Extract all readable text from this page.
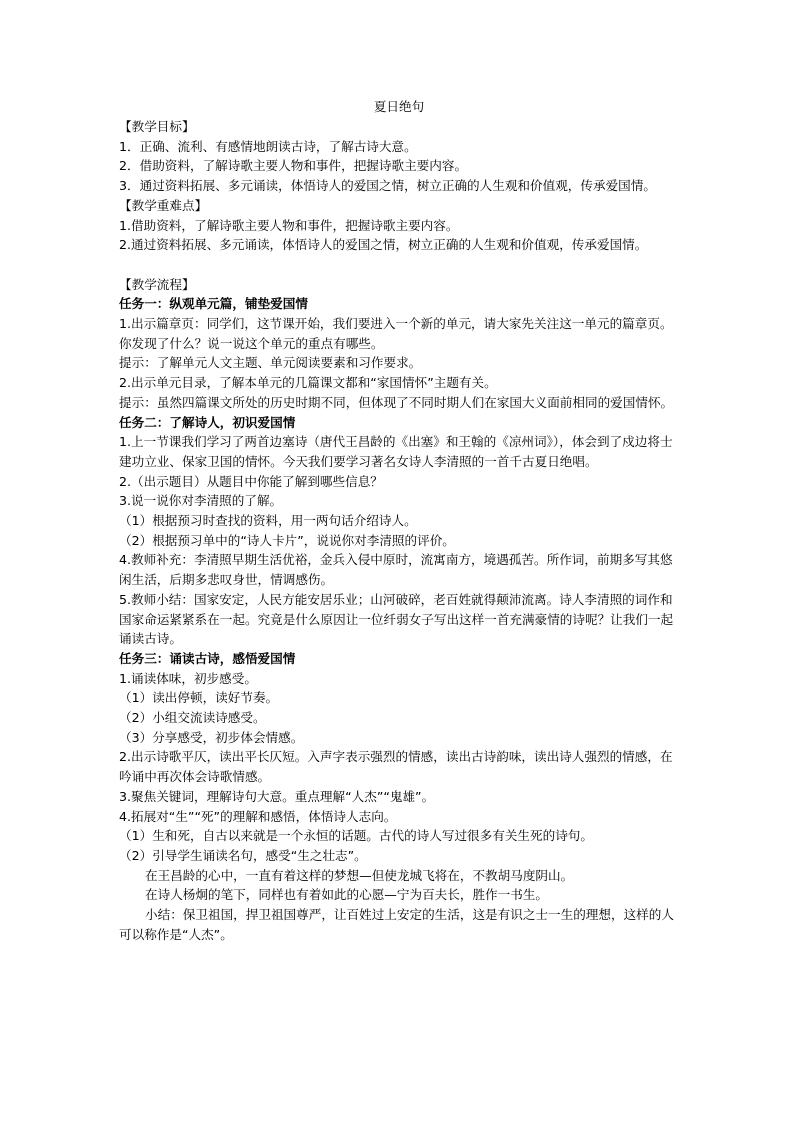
夏日绝句

【教学目标】

1．正确、流利、有感情地朗读古诗，了解古诗大意。

2．借助资料，了解诗歌主要人物和事件，把握诗歌主要内容。

3．通过资料拓展、多元诵读，体悟诗人的爱国之情，树立正确的人生观和价值观，传承爱国情。

【教学重难点】

1.借助资料，了解诗歌主要人物和事件，把握诗歌主要内容。

2.通过资料拓展、多元诵读，体悟诗人的爱国之情，树立正确的人生观和价值观，传承爱国情。

【教学流程】

任务一：纵观单元篇，铺垫爱国情

1.出示篇章页：同学们，这节课开始，我们要进入一个新的单元，请大家先关注这一单元的篇章页。你发现了什么？说一说这个单元的重点有哪些。

提示：了解单元人文主题、单元阅读要素和习作要求。

2.出示单元目录，了解本单元的几篇课文都和“家国情怀”主题有关。

提示：虽然四篇课文所处的历史时期不同，但体现了不同时期人们在家国大义面前相同的爱国情怀。

任务二：了解诗人，初识爱国情

1.上一节课我们学习了两首边塞诗（唐代王昌龄的《出塞》和王翰的《凉州词》），体会到了戍边将士建功立业、保家卫国的情怀。今天我们要学习著名女诗人李清照的一首千古夏日绝唱。

2.（出示题目）从题目中你能了解到哪些信息？

3.说一说你对李清照的了解。

（1）根据预习时查找的资料，用一两句话介绍诗人。

（2）根据预习单中的“诗人卡片”，说说你对李清照的评价。

4.教师补充：李清照早期生活优裕，金兵入侵中原时，流寓南方，境遇孤苦。所作词，前期多写其悠闲生活，后期多悲叹身世，情调感伤。

5.教师小结：国家安定，人民方能安居乐业；山河破碎，老百姓就得颠沛流离。诗人李清照的词作和国家命运紧紧系在一起。究竟是什么原因让一位纤弱女子写出这样一首充满豪情的诗呢？让我们一起诵读古诗。

任务三：诵读古诗，感悟爱国情

1.诵读体味，初步感受。

（1）读出停顿，读好节奏。

（2）小组交流读诗感受。

（3）分享感受，初步体会情感。

2.出示诗歌平仄，读出平长仄短。入声字表示强烈的情感，读出古诗韵味，读出诗人强烈的情感，在吟诵中再次体会诗歌情感。

3.聚焦关键词，理解诗句大意。重点理解“人杰”“鬼雄”。

4.拓展对“生”“死”的理解和感悟，体悟诗人志向。

（1）生和死，自古以来就是一个永恒的话题。古代的诗人写过很多有关生死的诗句。

（2）引导学生诵读名句，感受“生之壮志”。

在王昌龄的心中，一直有着这样的梦想—但使龙城飞将在，不教胡马度阴山。

在诗人杨炯的笔下，同样也有着如此的心愿—宁为百夫长，胜作一书生。

小结：保卫祖国，捍卫祖国尊严，让百姓过上安定的生活，这是有识之士一生的理想，这样的人可以称作是“人杰”。
